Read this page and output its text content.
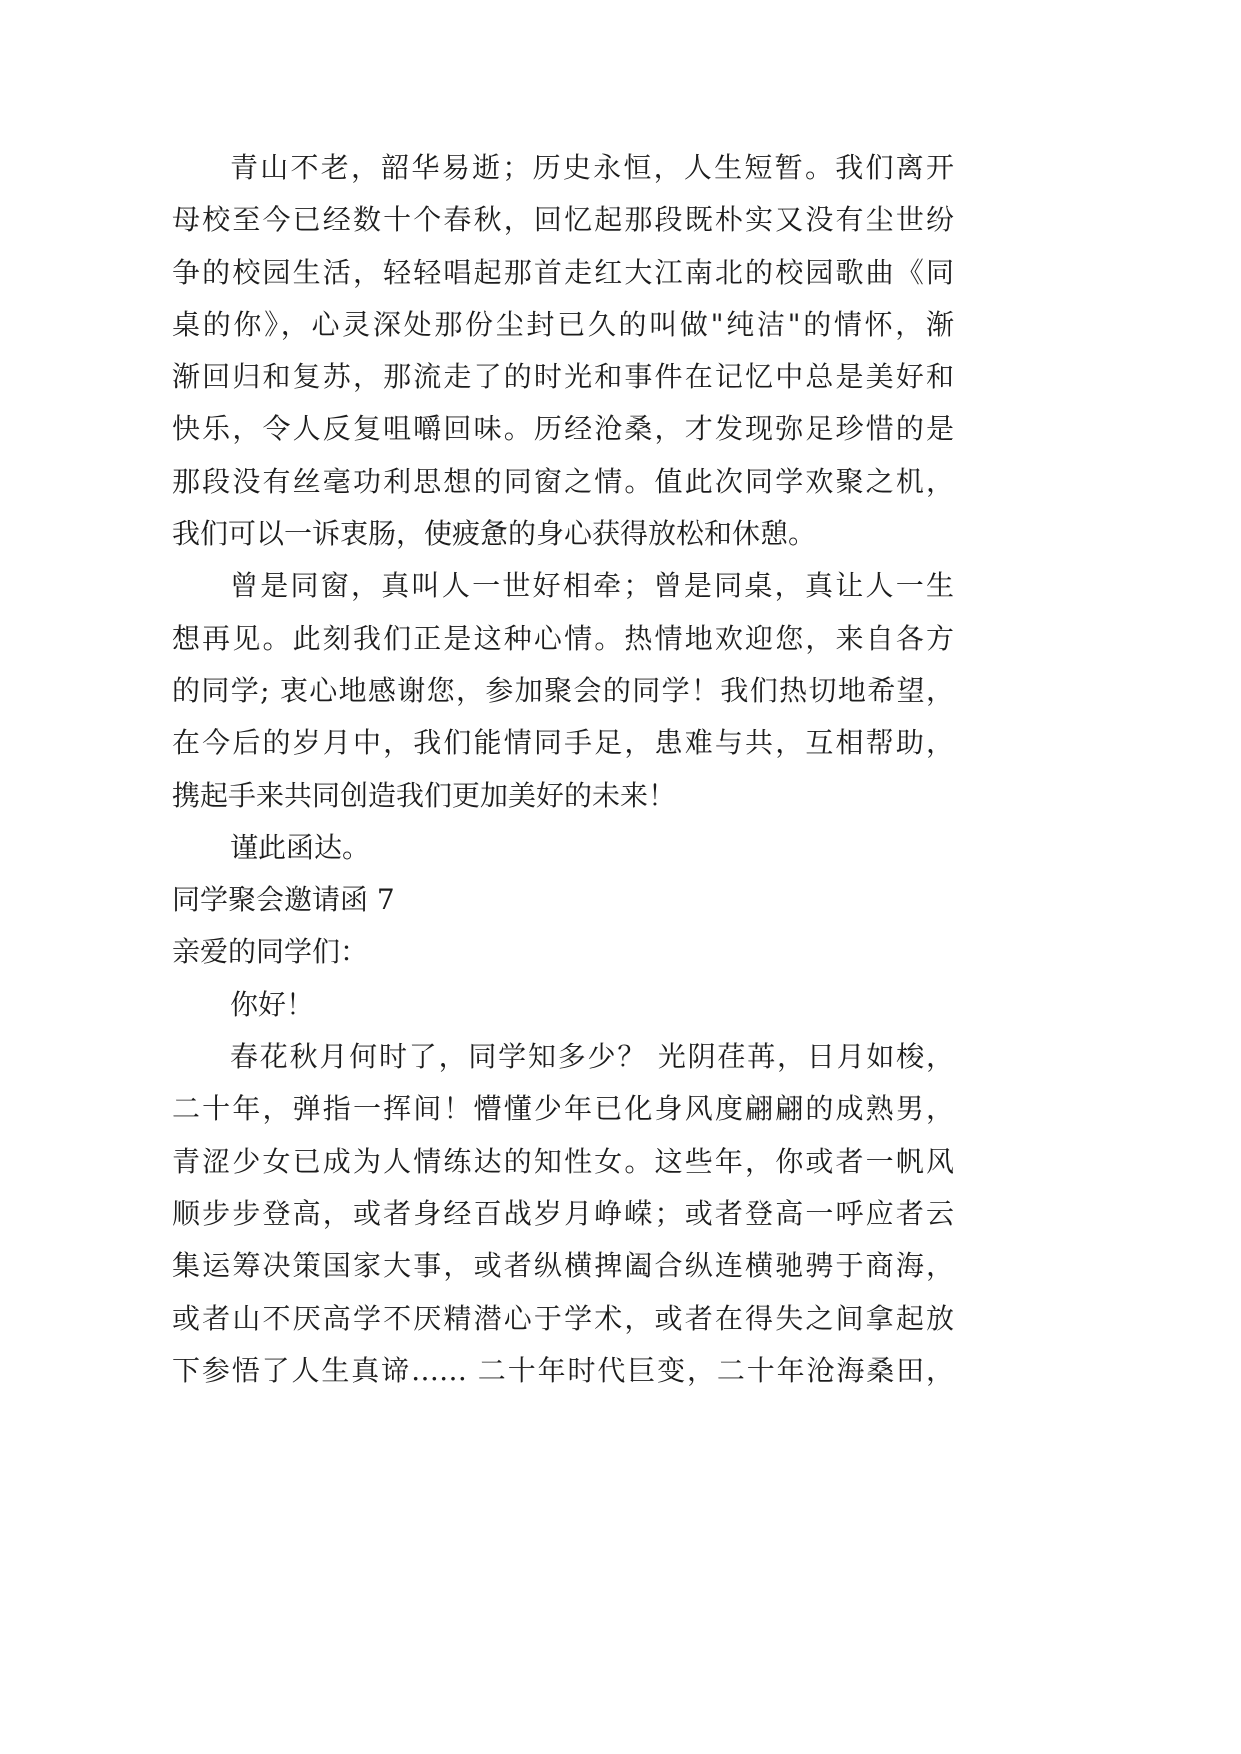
青山不老，韶华易逝；历史永恒，人生短暂。我们离开
母校至今已经数十个春秋，回忆起那段既朴实又没有尘世纷
争的校园生活，轻轻唱起那首走红大江南北的校园歌曲《同
桌的你》，心灵深处那份尘封已久的叫做"纯洁"的情怀，渐
渐回归和复苏，那流走了的时光和事件在记忆中总是美好和
快乐，令人反复咀嚼回味。历经沧桑，才发现弥足珍惜的是
那段没有丝毫功利思想的同窗之情。值此次同学欢聚之机，
我们可以一诉衷肠，使疲惫的身心获得放松和休憩。
曾是同窗，真叫人一世好相牵；曾是同桌，真让人一生
想再见。此刻我们正是这种心情。热情地欢迎您，来自各方
的同学; 衷心地感谢您，参加聚会的同学！我们热切地希望，
在今后的岁月中，我们能情同手足，患难与共，互相帮助，
携起手来共同创造我们更加美好的未来！
谨此函达。
同学聚会邀请函 7
亲爱的同学们：
你好！
春花秋月何时了，同学知多少？ 光阴荏苒，日月如梭，
二十年，弹指一挥间！懵懂少年已化身风度翩翩的成熟男，
青涩少女已成为人情练达的知性女。这些年，你或者一帆风
顺步步登高，或者身经百战岁月峥嵘；或者登高一呼应者云
集运筹决策国家大事，或者纵横捭阖合纵连横驰骋于商海，
或者山不厌高学不厌精潜心于学术，或者在得失之间拿起放
下参悟了人生真谛…… 二十年时代巨变，二十年沧海桑田，
